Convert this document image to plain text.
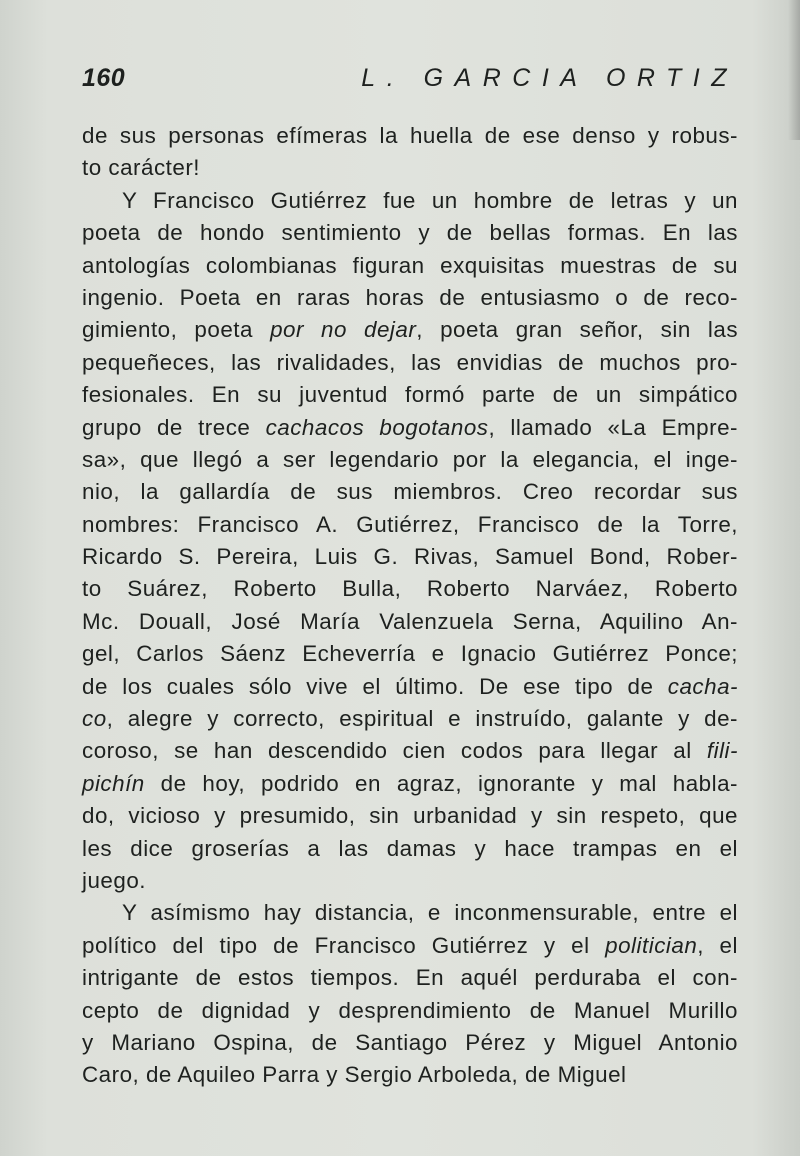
160	L. GARCIA ORTIZ
de sus personas efímeras la huella de ese denso y robus-
to carácter!
Y Francisco Gutiérrez fue un hombre de letras y un
poeta de hondo sentimiento y de bellas formas. En las
antologías colombianas figuran exquisitas muestras de su
ingenio. Poeta en raras horas de entusiasmo o de reco-
gimiento, poeta por no dejar, poeta gran señor, sin las
pequeñeces, las rivalidades, las envidias de muchos pro-
fesionales. En su juventud formó parte de un simpático
grupo de trece cachacos bogotanos, llamado «La Empre-
sa», que llegó a ser legendario por la elegancia, el inge-
nio, la gallardía de sus miembros. Creo recordar sus
nombres: Francisco A. Gutiérrez, Francisco de la Torre,
Ricardo S. Pereira, Luis G. Rivas, Samuel Bond, Rober-
to Suárez, Roberto Bulla, Roberto Narváez, Roberto
Mc. Douall, José María Valenzuela Serna, Aquilino An-
gel, Carlos Sáenz Echeverría e Ignacio Gutiérrez Ponce;
de los cuales sólo vive el último. De ese tipo de cacha-
co, alegre y correcto, espiritual e instruído, galante y de-
coroso, se han descendido cien codos para llegar al fili-
pichín de hoy, podrido en agraz, ignorante y mal habla-
do, vicioso y presumido, sin urbanidad y sin respeto, que
les dice groserías a las damas y hace trampas en el
juego.
Y asímismo hay distancia, e inconmensurable, entre el
político del tipo de Francisco Gutiérrez y el politician, el
intrigante de estos tiempos. En aquél perduraba el con-
cepto de dignidad y desprendimiento de Manuel Murillo
y Mariano Ospina, de Santiago Pérez y Miguel Antonio
Caro, de Aquileo Parra y Sergio Arboleda, de Miguel
